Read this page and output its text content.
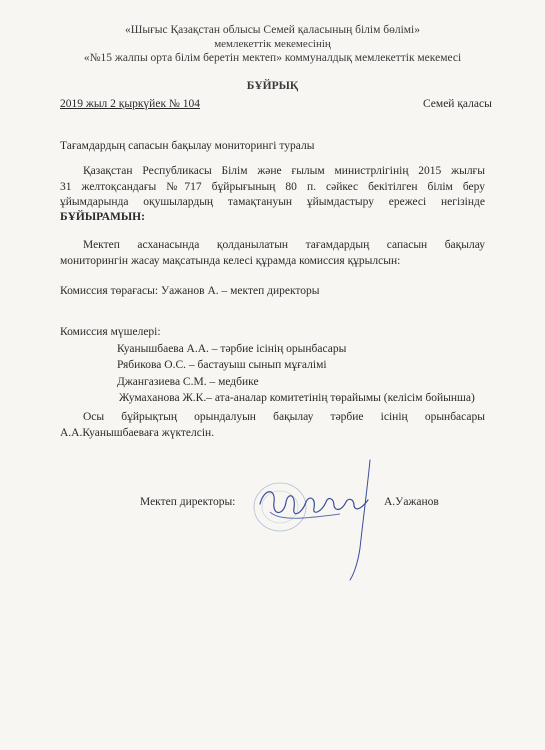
«Шығыс Қазақстан облысы Семей қаласының білім бөлімі»
мемлекеттік мекемесінің
«№15 жалпы орта білім беретін мектеп» коммуналдық мемлекеттік мекемесі
БҰЙРЫҚ
2019 жыл 2 қыркүйек № 104	Семей қаласы
Тағамдардың сапасын бақылау мониторингі туралы
Қазақстан Республикасы Білім және ғылым министрлігінің 2015 жылғы
31 желтоқсандағы №717 бұйрығының 80 п. сәйкес бекітілген білім беру
ұйымдарында оқушылардың тамақтануын ұйымдастыру ережесі негізінде
БҰЙЫРАМЫН:
Мектеп асханасында қолданылатын тағамдардың сапасын бақылау
мониторингін жасау мақсатында келесі құрамда комиссия құрылсын:
Комиссия төрағасы: Уажанов А. – мектеп директоры
Комиссия мүшелері:
Куанышбаева А.А. – тәрбие ісінің орынбасары
Рябикова О.С. – бастауыш сынып мұғалімі
Джангазиева С.М. – медбике
Жумаханова Ж.К.– ата-аналар комитетінің төрайымы (келісім бойынша)
Осы бұйрықтың орындалуын бақылау тәрбие ісінің орынбасары
А.А.Куанышбаеваға жүктелсін.
Мектеп директоры:	А.Уажанов
